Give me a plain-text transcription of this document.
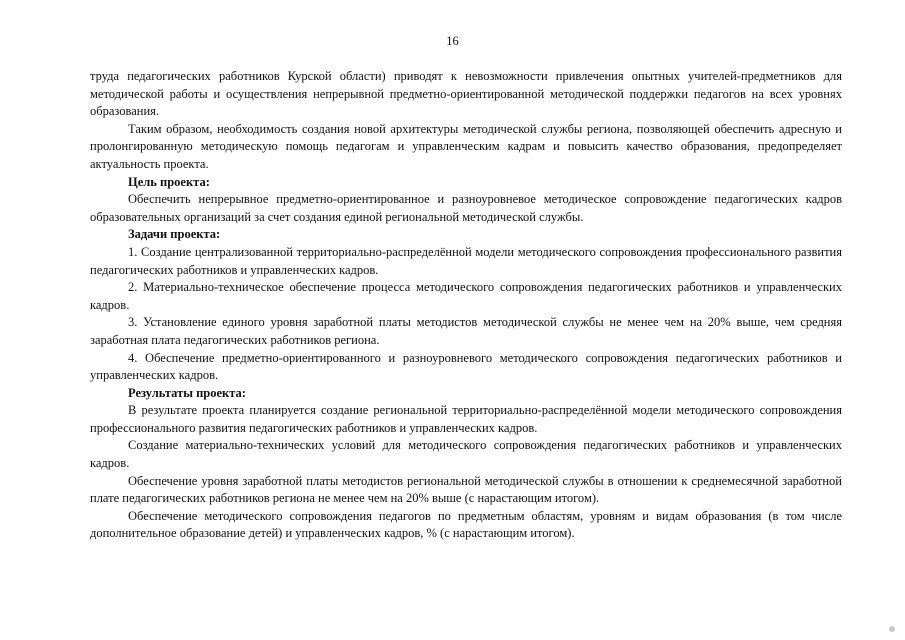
16

труда педагогических работников Курской области) приводят к невозможности привлечения опытных учителей-предметников для методической работы и осуществления непрерывной предметно-ориентированной методической поддержки педагогов на всех уровнях образования.

Таким образом, необходимость создания новой архитектуры методической службы региона, позволяющей обеспечить адресную и пролонгированную методическую помощь педагогам и управленческим кадрам и повысить качество образования, предопределяет актуальность проекта.

Цель проекта:

Обеспечить непрерывное предметно-ориентированное и разноуровневое методическое сопровождение педагогических кадров образовательных организаций за счет создания единой региональной методической службы.

Задачи проекта:

1. Создание централизованной территориально-распределённой модели методического сопровождения профессионального развития педагогических работников и управленческих кадров.

2. Материально-техническое обеспечение процесса методического сопровождения педагогических работников и управленческих кадров.

3. Установление единого уровня заработной платы методистов методической службы не менее чем на 20% выше, чем средняя заработная плата педагогических работников региона.

4. Обеспечение предметно-ориентированного и разноуровневого методического сопровождения педагогических работников и управленческих кадров.

Результаты проекта:

В результате проекта планируется создание региональной территориально-распределённой модели методического сопровождения профессионального развития педагогических работников и управленческих кадров.

Создание материально-технических условий для методического сопровождения педагогических работников и управленческих кадров.

Обеспечение уровня заработной платы методистов региональной методической службы в отношении к среднемесячной заработной плате педагогических работников региона не менее чем на 20% выше (с нарастающим итогом).

Обеспечение методического сопровождения педагогов по предметным областям, уровням и видам образования (в том числе дополнительное образование детей) и управленческих кадров, % (с нарастающим итогом).
